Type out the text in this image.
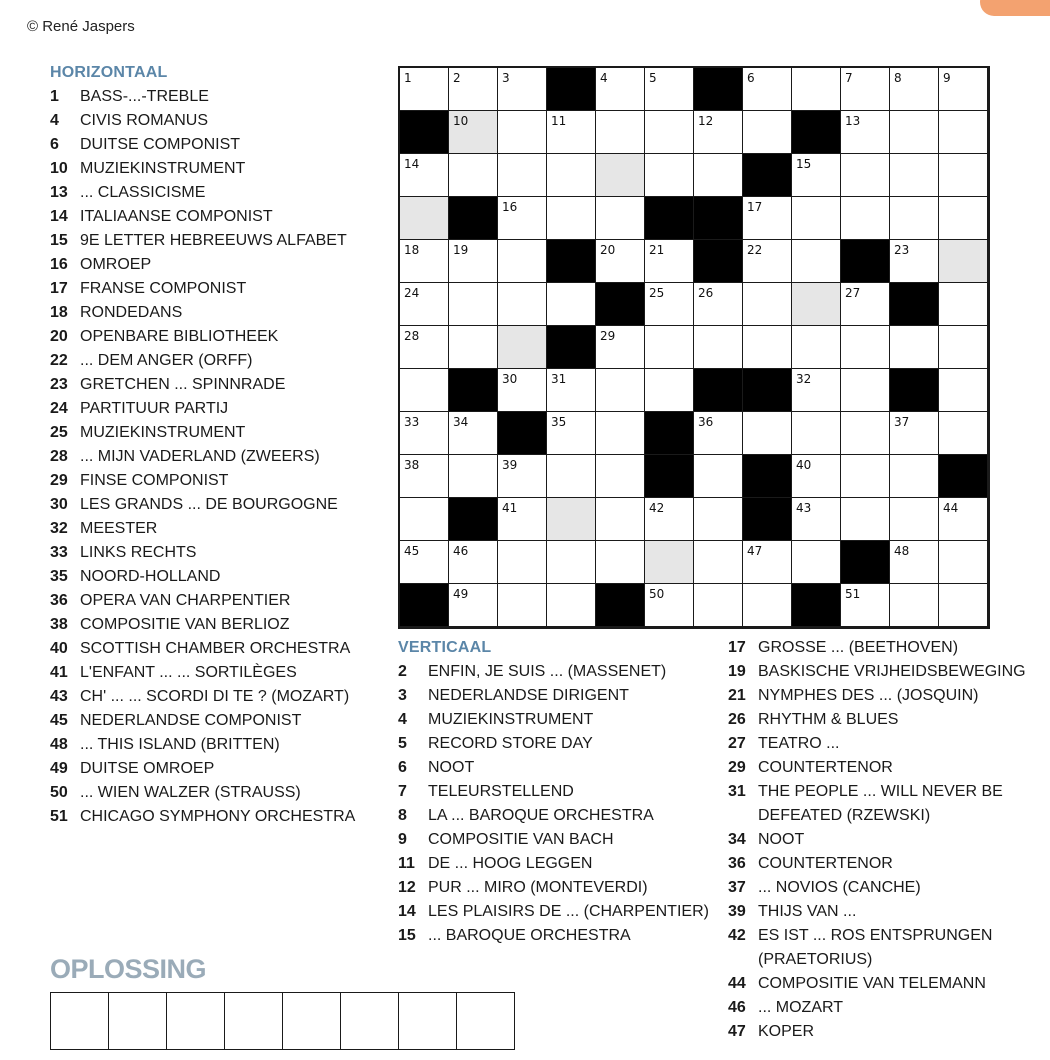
© René Jaspers
HORIZONTAAL
1	BASS-...-TREBLE
4	CIVIS ROMANUS
6	DUITSE COMPONIST
10 MUZIEKINSTRUMENT
13 ... CLASSICISME
14 ITALIAANSE COMPONIST
15 9E LETTER HEBREEUWS ALFABET
16 OMROEP
17 FRANSE COMPONIST
18 RONDEDANS
20 OPENBARE BIBLIOTHEEK
22 ... DEM ANGER (ORFF)
23 GRETCHEN ... SPINNRADE
24 PARTITUUR PARTIJ
25 MUZIEKINSTRUMENT
28 ... MIJN VADERLAND (ZWEERS)
29 FINSE COMPONIST
30 LES GRANDS ... DE BOURGOGNE
32 MEESTER
33 LINKS RECHTS
35 NOORD-HOLLAND
36 OPERA VAN CHARPENTIER
38 COMPOSITIE VAN BERLIOZ
40 SCOTTISH CHAMBER ORCHESTRA
41 L'ENFANT ... ... SORTILÈGES
43 CH' ... ... SCORDI DI TE ? (MOZART)
45 NEDERLANDSE COMPONIST
48 ... THIS ISLAND (BRITTEN)
49 DUITSE OMROEP
50 ... WIEN WALZER (STRAUSS)
51 CHICAGO SYMPHONY ORCHESTRA
1	2	3	4	5	6	7	8	9
10	11	12	13
14	15
16	17
18	19	20	21	22	23
24	25	26	27
28	29
30	31	32
33	34	35	36	37
38	39	40
41	42	43	44
45	46	47	48
49	50	51
VERTICAAL
2	ENFIN, JE SUIS ... (MASSENET)
3	NEDERLANDSE DIRIGENT
4	MUZIEKINSTRUMENT
5	RECORD STORE DAY
6	NOOT
7	TELEURSTELLEND
8	LA ... BAROQUE ORCHESTRA
9	COMPOSITIE VAN BACH
11 DE ... HOOG LEGGEN
12 PUR ... MIRO (MONTEVERDI)
14 LES PLAISIRS DE ... (CHARPENTIER)
15 ... BAROQUE ORCHESTRA
17 GROSSE ... (BEETHOVEN)
19 BASKISCHE VRIJHEIDSBEWEGING
21 NYMPHES DES ... (JOSQUIN)
26 RHYTHM & BLUES
27 TEATRO ...
29 COUNTERTENOR
31 THE PEOPLE ... WILL NEVER BE DEFEATED (RZEWSKI)
34 NOOT
36 COUNTERTENOR
37 ... NOVIOS (CANCHE)
39 THIJS VAN ...
42 ES IST ... ROS ENTSPRUNGEN (PRAETORIUS)
44 COMPOSITIE VAN TELEMANN
46 ... MOZART
47 KOPER
OPLOSSING
